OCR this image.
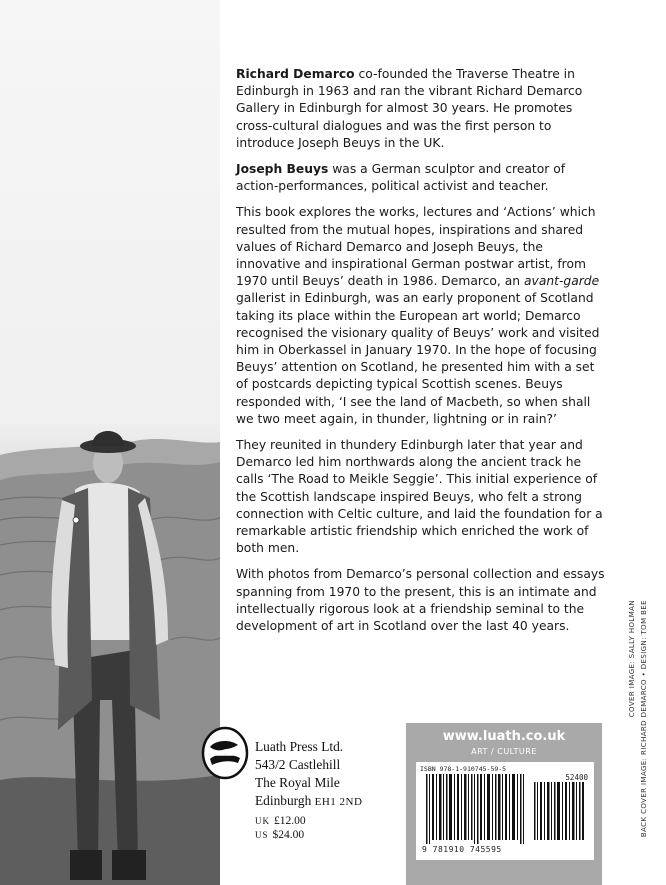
Richard Demarco co-founded the Traverse Theatre in Edinburgh in 1963 and ran the vibrant Richard Demarco Gallery in Edinburgh for almost 30 years. He promotes cross-cultural dialogues and was the first person to introduce Joseph Beuys in the UK.

Joseph Beuys was a German sculptor and creator of action-performances, political activist and teacher.

This book explores the works, lectures and ‘Actions’ which resulted from the mutual hopes, inspirations and shared values of Richard Demarco and Joseph Beuys, the innovative and inspirational German postwar artist, from 1970 until Beuys’ death in 1986. Demarco, an avant-garde gallerist in Edinburgh, was an early proponent of Scotland taking its place within the European art world; Demarco recognised the visionary quality of Beuys’ work and visited him in Oberkassel in January 1970. In the hope of focusing Beuys’ attention on Scotland, he presented him with a set of postcards depicting typical Scottish scenes. Beuys responded with, ‘I see the land of Macbeth, so when shall we two meet again, in thunder, lightning or in rain?’

They reunited in thundery Edinburgh later that year and Demarco led him northwards along the ancient track he calls ‘The Road to Meikle Seggie’. This initial experience of the Scottish landscape inspired Beuys, who felt a strong connection with Celtic culture, and laid the foundation for a remarkable artistic friendship which enriched the work of both men.

With photos from Demarco’s personal collection and essays spanning from 1970 to the present, this is an intimate and intellectually rigorous look at a friendship seminal to the development of art in Scotland over the last 40 years.

Luath Press Ltd.
543/2 Castlehill
The Royal Mile
Edinburgh EH1 2ND
UK £12.00
US $24.00
www.luath.co.uk
ART / CULTURE
ISBN 978-1-910745-59-5
52400
9 781910 745595
COVER IMAGE: SALLY HOLMAN BACK COVER IMAGE: RICHARD DEMARCO • DESIGN: TOM BEE
